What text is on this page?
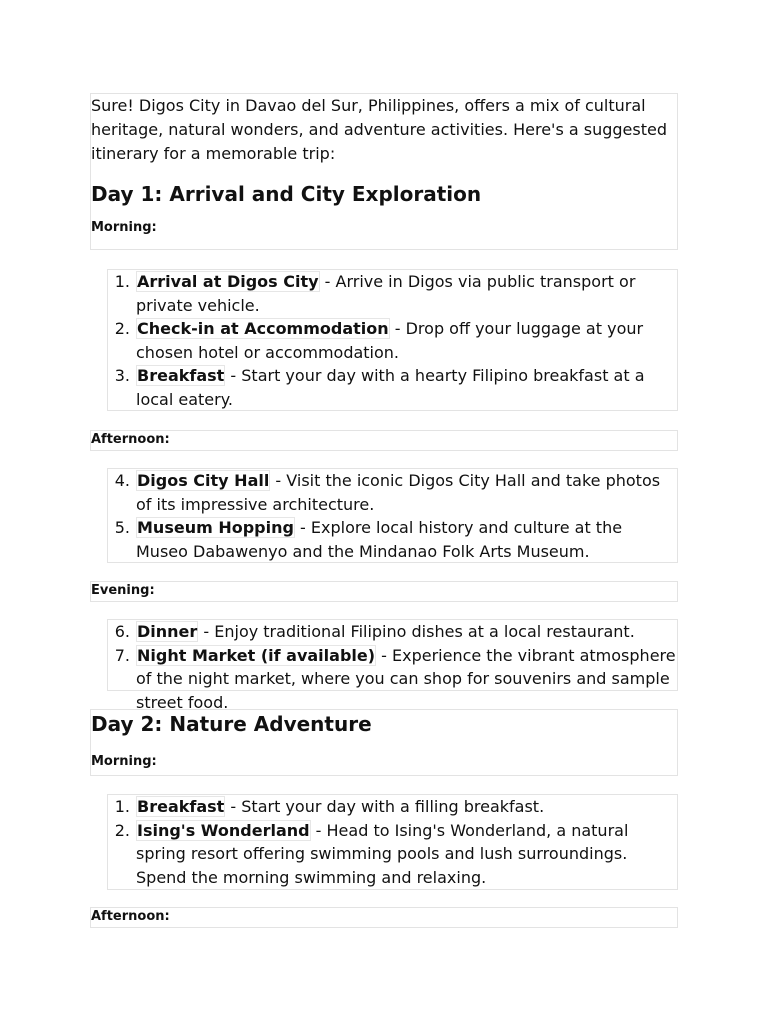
Sure! Digos City in Davao del Sur, Philippines, offers a mix of cultural heritage, natural wonders, and adventure activities. Here's a suggested itinerary for a memorable trip:

Day 1: Arrival and City Exploration
Morning:
1. Arrival at Digos City - Arrive in Digos via public transport or private vehicle.
2. Check-in at Accommodation - Drop off your luggage at your chosen hotel or accommodation.
3. Breakfast - Start your day with a hearty Filipino breakfast at a local eatery.
Afternoon:
4. Digos City Hall - Visit the iconic Digos City Hall and take photos of its impressive architecture.
5. Museum Hopping - Explore local history and culture at the Museo Dabawenyo and the Mindanao Folk Arts Museum.
Evening:
6. Dinner - Enjoy traditional Filipino dishes at a local restaurant.
7. Night Market (if available) - Experience the vibrant atmosphere of the night market, where you can shop for souvenirs and sample street food.
Day 2: Nature Adventure
Morning:
1. Breakfast - Start your day with a filling breakfast.
2. Ising's Wonderland - Head to Ising's Wonderland, a natural spring resort offering swimming pools and lush surroundings. Spend the morning swimming and relaxing.
Afternoon:
